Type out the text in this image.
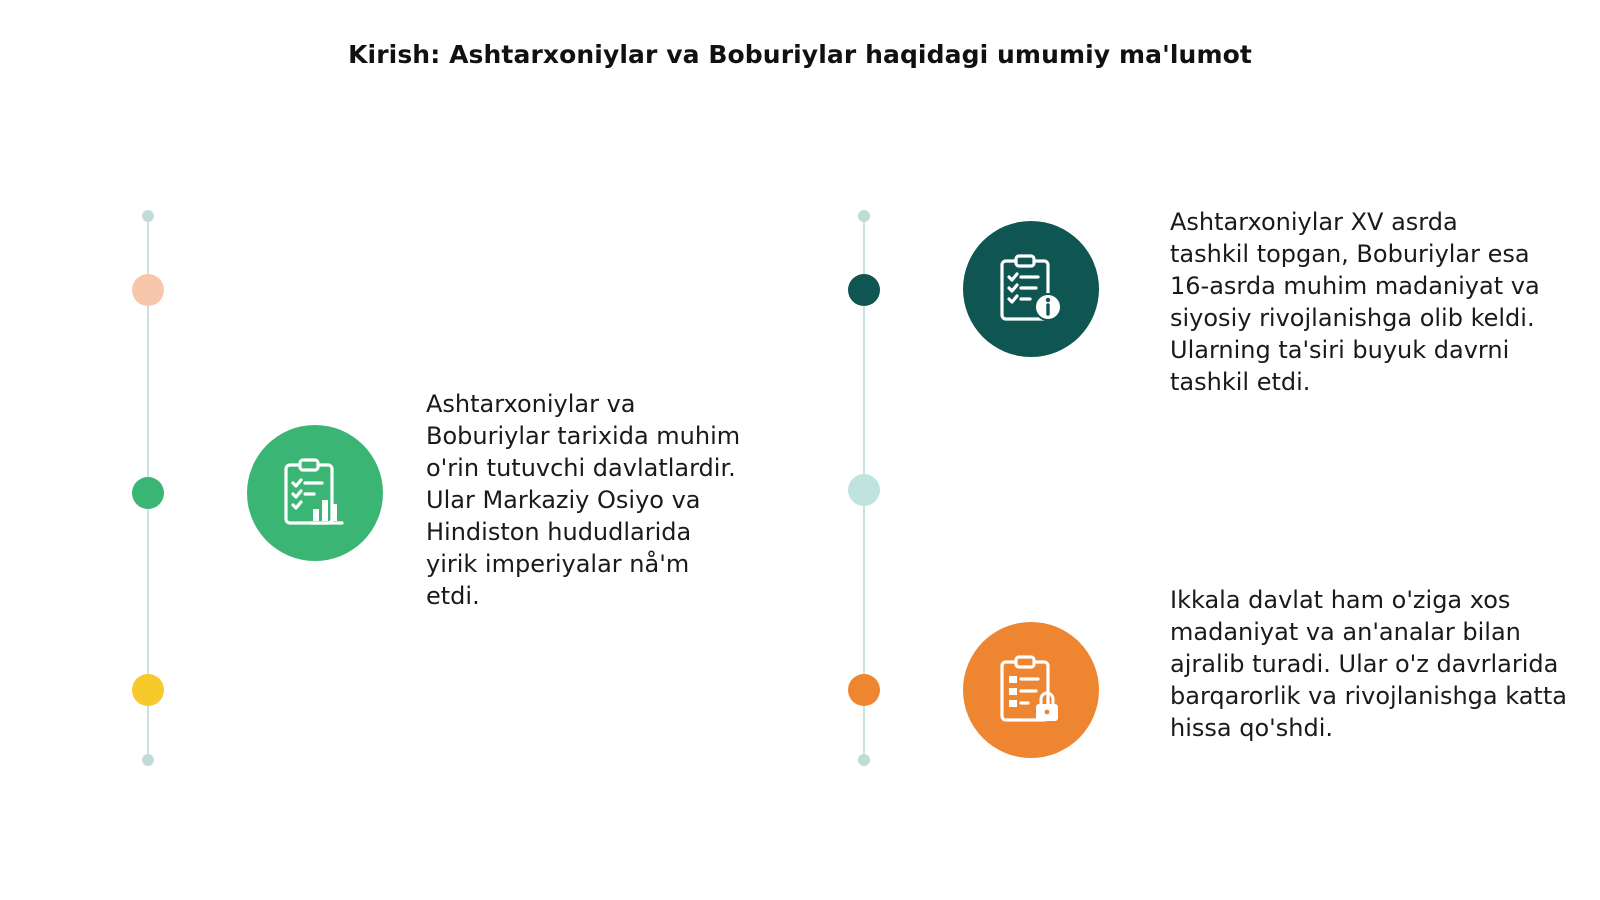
Kirish: Ashtarxoniylar va Boburiylar haqidagi umumiy ma'lumot
Ashtarxoniylar va Boburiylar tarixida muhim o'rin tutuvchi davlatlardir. Ular Markaziy Osiyo va Hindiston hududlarida yirik imperiyalar nå'm etdi.
Ashtarxoniylar XV asrda tashkil topgan, Boburiylar esa 16-asrda muhim madaniyat va siyosiy rivojlanishga olib keldi. Ularning ta'siri buyuk davrni tashkil etdi.
Ikkala davlat ham o'ziga xos madaniyat va an'analar bilan ajralib turadi. Ular o'z davrlarida barqarorlik va rivojlanishga katta hissa qo'shdi.
